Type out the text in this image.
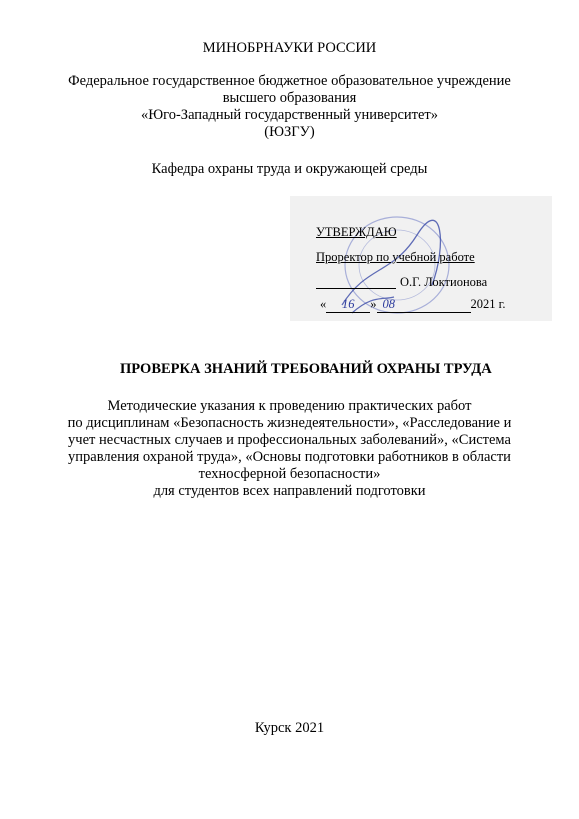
МИНОБРНАУКИ РОССИИ
Федеральное государственное бюджетное образовательное учреждение
высшего образования
«Юго-Западный государственный университет»
(ЮЗГУ)
Кафедра охраны труда и окружающей среды
УТВЕРЖДАЮ
Проректор по учебной работе
О.Г. Локтионова
« 16 » 08	2021 г.
ПРОВЕРКА ЗНАНИЙ ТРЕБОВАНИЙ ОХРАНЫ ТРУДА
Методические указания к проведению практических работ
по дисциплинам «Безопасность жизнедеятельности», «Расследование и
учет несчастных случаев и профессиональных заболеваний», «Система
управления охраной труда», «Основы подготовки работников в области
техносферной безопасности»
для студентов всех направлений подготовки
Курск 2021
